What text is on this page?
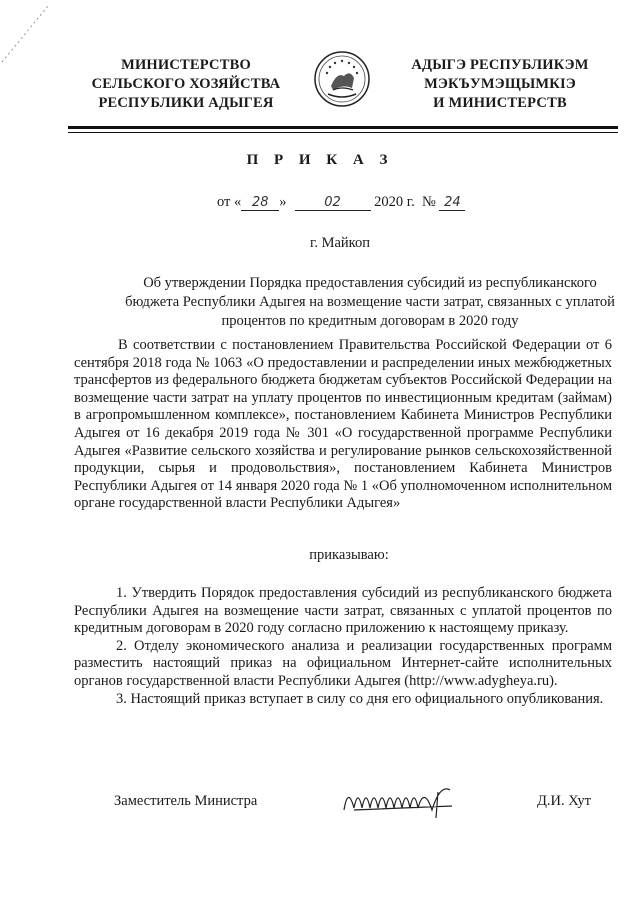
МИНИСТЕРСТВО
СЕЛЬСКОГО ХОЗЯЙСТВА
РЕСПУБЛИКИ АДЫГЕЯ
АДЫГЭ РЕСПУБЛИКЭМ
МЭКЪУМЭЩЫМКIЭ
И МИНИСТЕРСТВ
П Р И К А З
от « 28 »	02 2020 г. № 24
г. Майкоп
Об утверждении Порядка предоставления субсидий из республиканского
бюджета Республики Адыгея на возмещение части затрат, связанных с уплатой
процентов по кредитным договорам в 2020 году

В соответствии с постановлением Правительства Российской Федерации от 6 сентября 2018 года № 1063 «О предоставлении и распределении иных межбюджетных трансфертов из федерального бюджета бюджетам субъектов Российской Федерации на возмещение части затрат на уплату процентов по инвестиционным кредитам (займам) в агропромышленном комплексе», постановлением Кабинета Министров Республики Адыгея от 16 декабря 2019 года № 301 «О государственной программе Республики Адыгея «Развитие сельского хозяйства и регулирование рынков сельскохозяйственной продукции, сырья и продовольствия», постановлением Кабинета Министров Республики Адыгея от 14 января 2020 года № 1 «Об уполномоченном исполнительном органе государственной власти Республики Адыгея»

приказываю:

1. Утвердить Порядок предоставления субсидий из республиканского бюджета Республики Адыгея на возмещение части затрат, связанных с уплатой процентов по кредитным договорам в 2020 году согласно приложению к настоящему приказу.

2. Отделу экономического анализа и реализации государственных программ разместить настоящий приказ на официальном Интернет-сайте исполнительных органов государственной власти Республики Адыгея (http://www.adygheya.ru).

3. Настоящий приказ вступает в силу со дня его официального опубликования.

Заместитель Министра	Д.И. Хут
